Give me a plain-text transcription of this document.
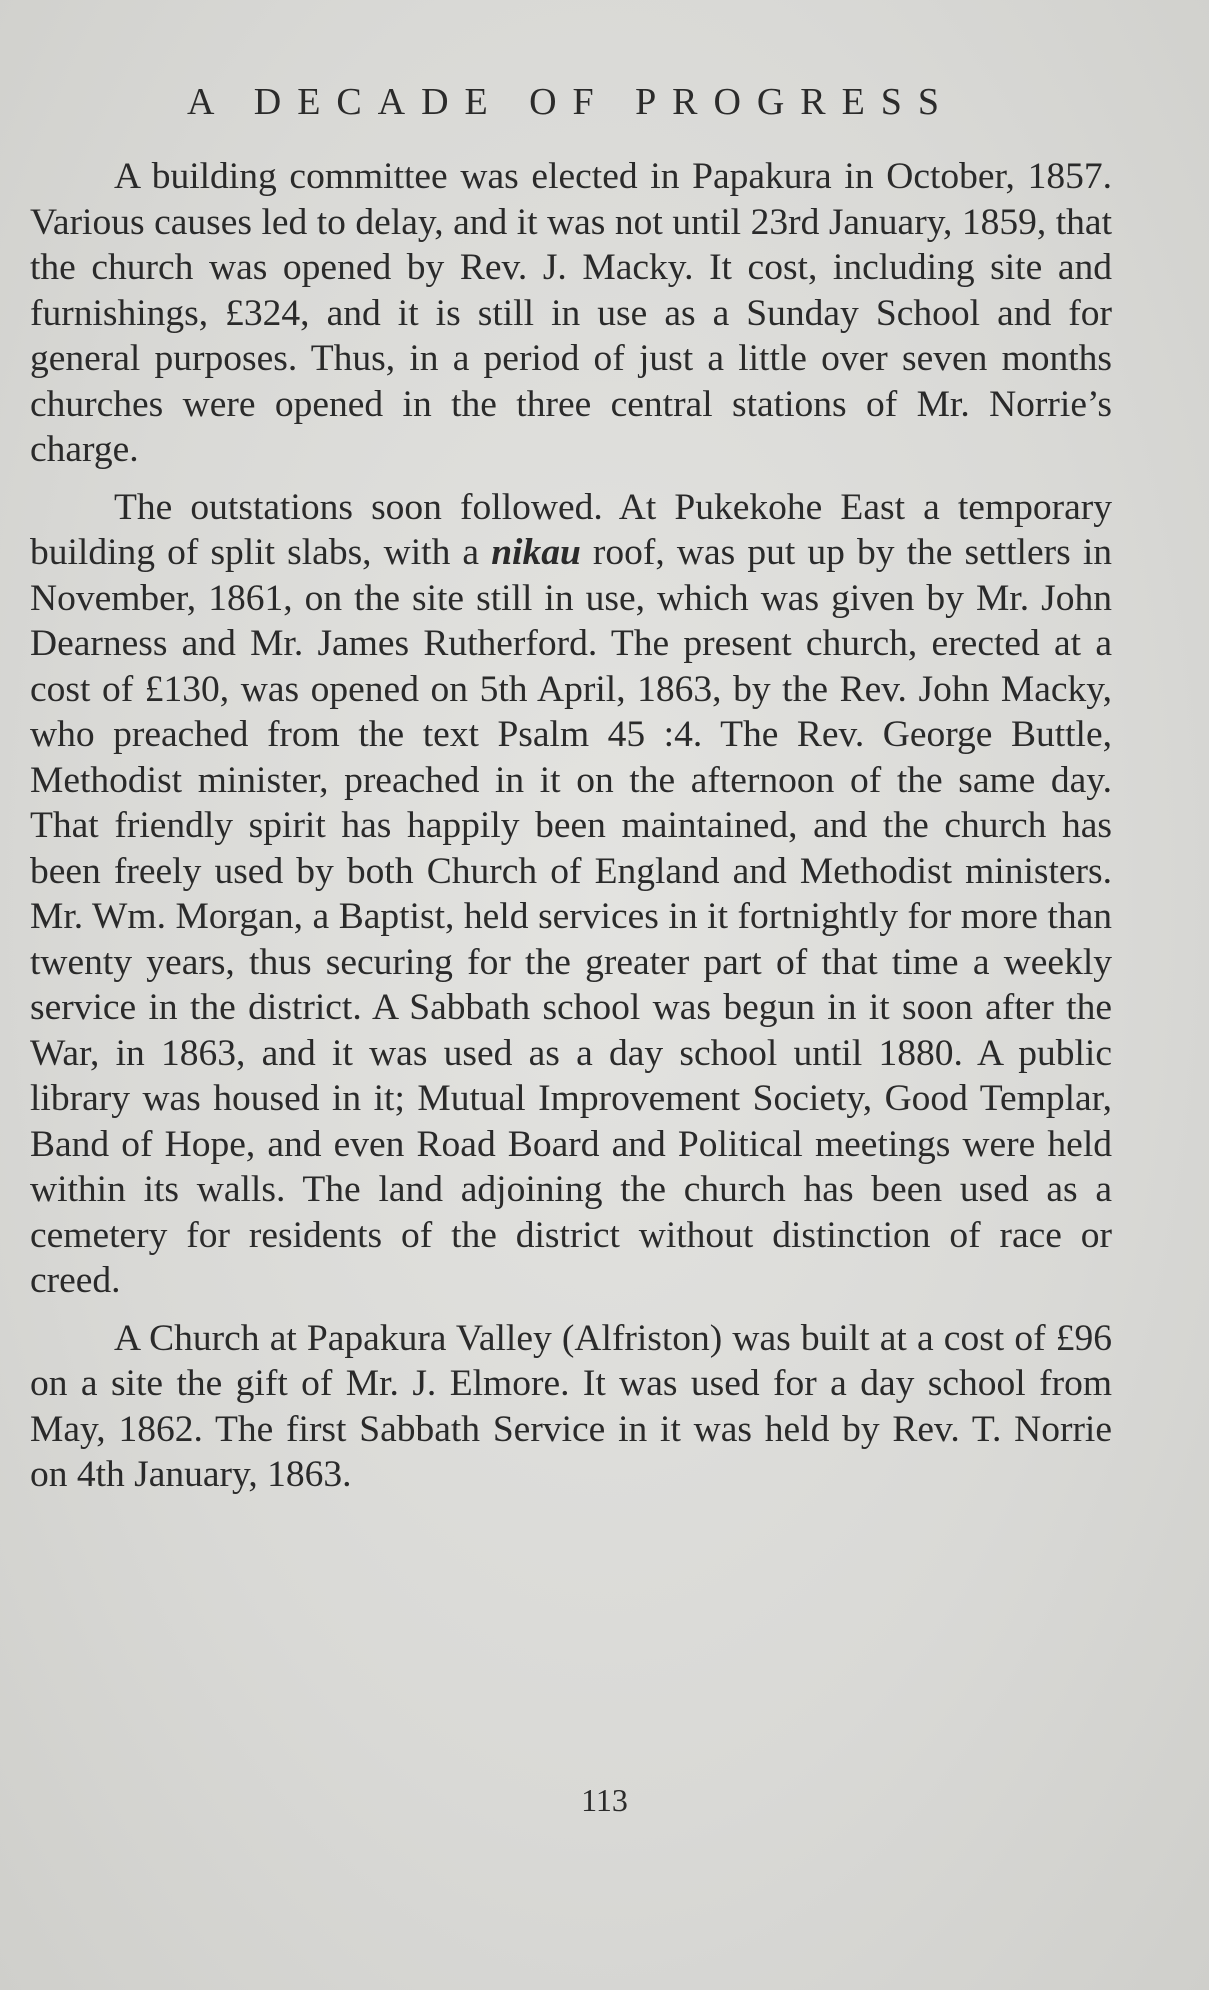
A DECADE OF PROGRESS

A building committee was elected in Papakura in October, 1857. Various causes led to delay, and it was not until 23rd January, 1859, that the church was opened by Rev. J. Macky. It cost, including site and furnishings, £324, and it is still in use as a Sunday School and for general purposes. Thus, in a period of just a little over seven months churches were opened in the three central stations of Mr. Norrie’s charge.

The outstations soon followed. At Pukekohe East a temporary building of split slabs, with a nikau roof, was put up by the settlers in November, 1861, on the site still in use, which was given by Mr. John Dearness and Mr. James Rutherford. The present church, erected at a cost of £130, was opened on 5th April, 1863, by the Rev. John Macky, who preached from the text Psalm 45 :4. The Rev. George Buttle, Methodist minister, preached in it on the afternoon of the same day. That friendly spirit has happily been maintained, and the church has been freely used by both Church of England and Methodist ministers. Mr. Wm. Morgan, a Baptist, held services in it fortnightly for more than twenty years, thus securing for the greater part of that time a weekly service in the district. A Sabbath school was begun in it soon after the War, in 1863, and it was used as a day school until 1880. A public library was housed in it; Mutual Improvement Society, Good Templar, Band of Hope, and even Road Board and Political meetings were held within its walls. The land adjoining the church has been used as a cemetery for residents of the district without distinction of race or creed.

A Church at Papakura Valley (Alfriston) was built at a cost of £96 on a site the gift of Mr. J. Elmore. It was used for a day school from May, 1862. The first Sabbath Service in it was held by Rev. T. Norrie on 4th January, 1863.

113
